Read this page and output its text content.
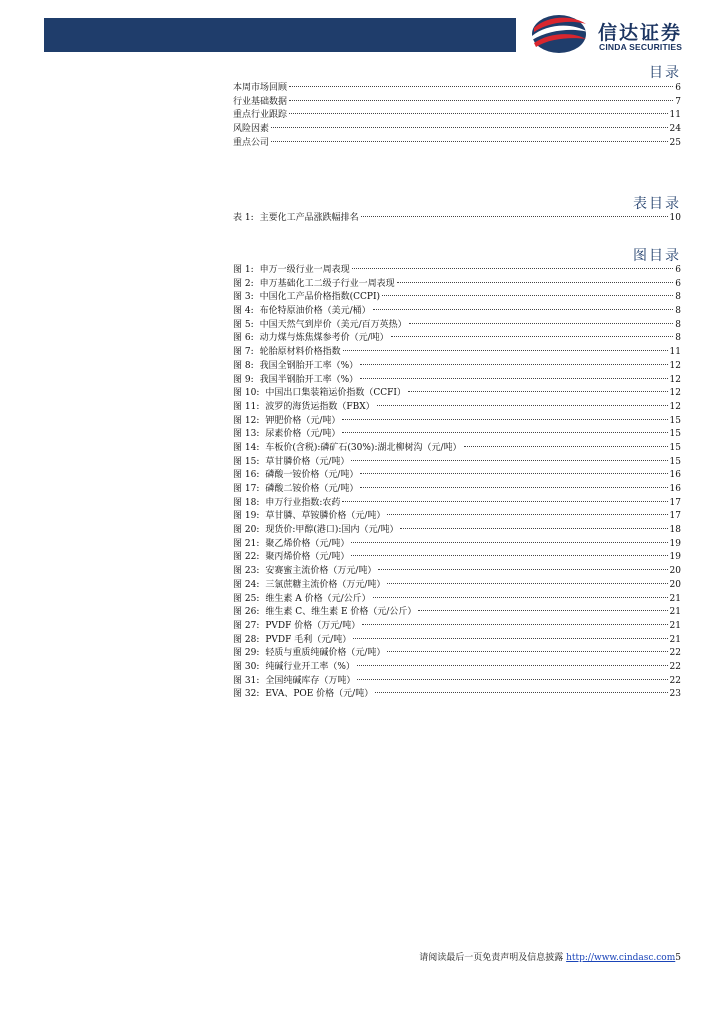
信达证券
CINDA SECURITIES
目录
本周市场回顾	6
行业基础数据	7
重点行业跟踪	11
风险因素	24
重点公司	25
表目录
表 1: 主要化工产品涨跌幅排名	10
图目录
图 1: 申万一级行业一周表现	6
图 2: 申万基础化工二级子行业一周表现	6
图 3: 中国化工产品价格指数(CCPI)	8
图 4: 布伦特原油价格（美元/桶）	8
图 5: 中国天然气到岸价（美元/百万英热）	8
图 6: 动力煤与炼焦煤参考价（元/吨）	8
图 7: 轮胎原材料价格指数	11
图 8: 我国全钢胎开工率（%）	12
图 9: 我国半钢胎开工率（%）	12
图 10: 中国出口集装箱运价指数（CCFI）	12
图 11: 波罗的海货运指数（FBX）	12
图 12: 钾肥价格（元/吨）	15
图 13: 尿素价格（元/吨）	15
图 14: 车板价(含税):磷矿石(30%):湖北柳树沟（元/吨）	15
图 15: 草甘膦价格（元/吨）	15
图 16: 磷酸一铵价格（元/吨）	16
图 17: 磷酸二铵价格（元/吨）	16
图 18: 申万行业指数:农药	17
图 19: 草甘膦、草铵膦价格（元/吨）	17
图 20: 现货价:甲醇(港口):国内（元/吨）	18
图 21: 聚乙烯价格（元/吨）	19
图 22: 聚丙烯价格（元/吨）	19
图 23: 安赛蜜主流价格（万元/吨）	20
图 24: 三氯蔗糖主流价格（万元/吨）	20
图 25: 维生素 A 价格（元/公斤）	21
图 26: 维生素 C、维生素 E 价格（元/公斤）	21
图 27: PVDF 价格（万元/吨）	21
图 28: PVDF 毛利（元/吨）	21
图 29: 轻质与重质纯碱价格（元/吨）	22
图 30: 纯碱行业开工率（%）	22
图 31: 全国纯碱库存（万吨）	22
图 32: EVA、POE 价格（元/吨）	23
请阅读最后一页免责声明及信息披露 http://www.cindasc.com5
